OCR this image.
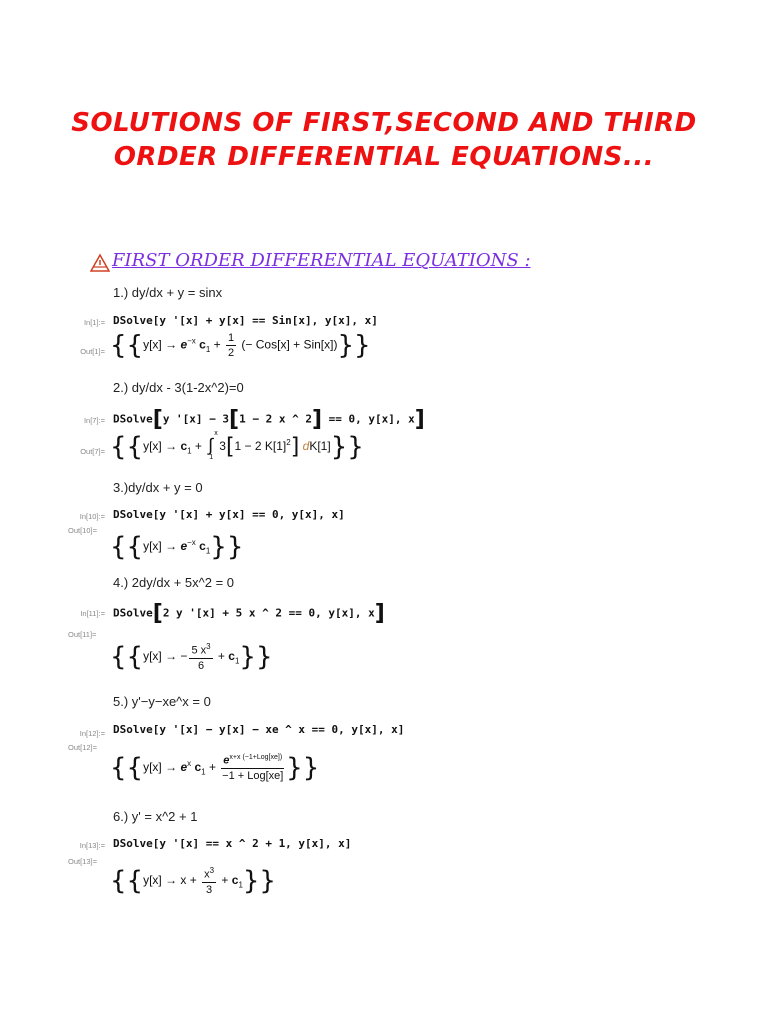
SOLUTIONS OF FIRST,SECOND AND THIRD
ORDER DIFFERENTIAL EQUATIONS...
FIRST ORDER DIFFERENTIAL EQUATIONS :
1.) dy/dx + y = sinx
In[1]:= DSolve[y '[x] + y[x] == Sin[x], y[x], x]
$Out[1]= \{\{y[x] \to e^{-x}$ $c_1 + \frac{1}{2}$ (− Cos[x] + Sin[x])}}
2.) dy/dx - 3(1-2x^2)=0
In[7]:= DSolve[y '[x] − 3[1 − 2 x ^ 2] == 0, y[x], x]
$Out[7]= \{\{y[x] \to c_1$ + ∫
x
1
3[1 − 2 $K[1]^2$] dK[1]}}
3.)dy/dx + y = 0
In[10]:= DSolve[y '[x] + y[x] == 0, y[x], x]
Out[10]=
{{$y[x] \to e^{-x}$ $c_1$}}
4.) 2dy/dx + 5x^2 = 0
In[11]:= DSolve[2 y '[x] + 5 x ^ 2 == 0, y[x], x]
Out[11]=
{{y[x] → − $\frac{5 x^3}{6} + c_1$}}
5.) y'−y−xe^x = 0
In[12]:= DSolve[y '[x] − y[x] − xe ^ x == 0, y[x], x]
Out[12]=
{{$y[x] \to e^x$ $c_1 + \frac{e^{x+x (-1+Log[xe])}}{\text{−1 + Log[xe]}}$ }}
6.) y' = x^2 + 1
In[13]:= DSolve[y '[x] == x ^ 2 + 1, y[x], x]
Out[13]=
$\{\{y[x] \to x + \frac{x^3}{3} + c_1\}\}$
